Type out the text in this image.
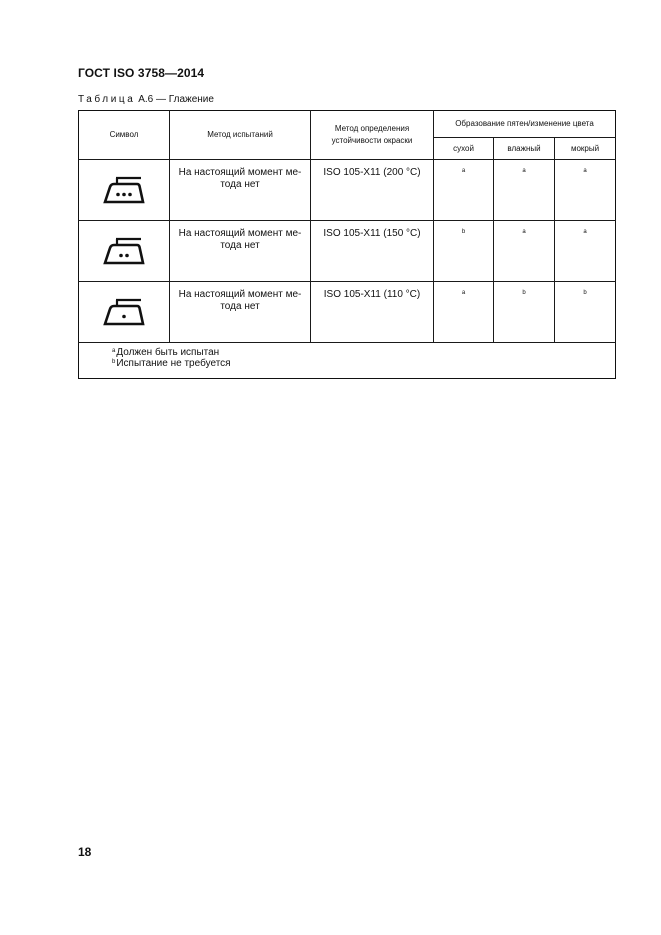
ГОСТ ISO 3758—2014
Таблица А.6 — Глажение
Символ	Метод испытаний	Метод определения устойчивости окраски	Образование пятен/изменение цвета		
			сухой	влажный	мокрый

	На настоящий момент ме-тода нет	ISO 105-X11 (200 °C)	a	a	a

	На настоящий момент ме-тода нет	ISO 105-X11 (150 °C)	b	a	a

	На настоящий момент ме-тода нет	ISO 105-X11 (110 °C)	a	b	b

$^a$Должен быть испытан
$^b$Испытание не требуется					
18
